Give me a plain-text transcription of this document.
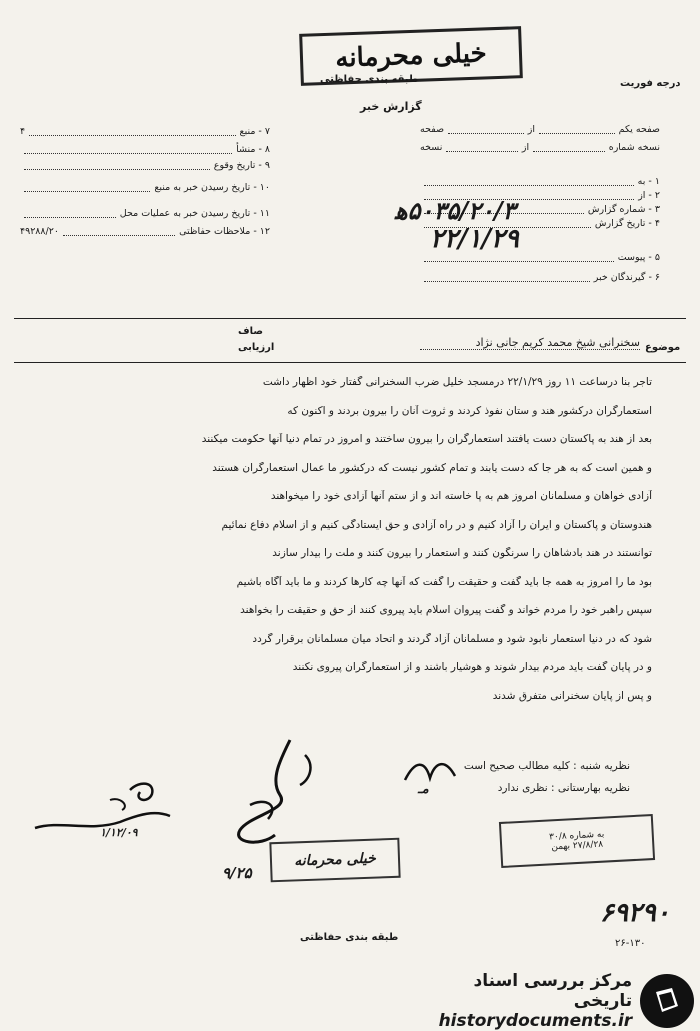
خیلی محرمانه
طبقه بندی حفاظتی	درجه فوریت
گزارش خبر
صفحه یکم
از
صفحه
نسخه شماره
از
نسخه
۱ - به
۲ - از
۳ - شماره گزارش
۴ - تاریخ گزارش
۵ - پیوست
۶ - گیرندگان خبر
۷ - منبع
۴
۸ - منشأ
۹ - تاریخ وقوع
۱۰ - تاریخ رسیدن خبر به منبع
۱۱ - تاریخ رسیدن خبر به عملیات محل
۱۲ - ملاحظات حفاظتی
۴۹۲۸۸/۲۰
۵۰۳۵/۲۰/۳ه‍
۲۲/۱/۲۹
صاف
ارزیابی	موضوع
سخنرانی شیخ محمد کریم جانی نژاد
تاجر بنا درساعت ۱۱ روز ۲۲/۱/۲۹ درمسجد خلیل ضرب السخنرانی گفتار خود اظهار داشت
استعمارگران درکشور هند و ستان نفوذ کردند و ثروت آنان را بیرون بردند و اکنون که
بعد از هند به پاکستان دست یافتند استعمارگران را بیرون ساختند و امروز در تمام دنیا آنها حکومت میکنند
و همین است که به هر جا که دست یابند و تمام کشور نیست که درکشور ما عمال استعمارگران هستند
آزادی خواهان و مسلمانان امروز هم به پا خاسته اند و از ستم آنها آزادی خود را میخواهند
هندوستان و پاکستان و ایران را آزاد کنیم و در راه آزادی و حق ایستادگی کنیم و از اسلام دفاع نمائیم
توانستند در هند بادشاهان را سرنگون کنند و استعمار را بیرون کنند و ملت را بیدار سازند
بود ما را امروز به همه جا باید گفت و حقیقت را گفت که آنها چه کارها کردند و ما باید آگاه باشیم
سپس راهبر خود را مردم خواند و گفت پیروان اسلام باید پیروی کنند از حق و حقیقت را بخواهند
شود که در دنیا استعمار نابود شود و مسلمانان آزاد گردند و اتحاد میان مسلمانان برقرار گردد
و در پایان گفت باید مردم بیدار شوند و هوشیار باشند و از استعمارگران پیروی نکنند
و پس از پایان سخنرانی متفرق شدند
نظریه شنبه : کلیه مطالب صحیح است
نظریه بهارستانی : نظری ندارد
۱/۱۲/۰۹
۹/۲۵
مـ
به شماره ۳۰/۸
۲۷/۸/۲۸ بهمن
خیلی محرمانه
۶۹۲۹۰
طبقه بندی حفاظتی
۲۶-۱۳۰
مرکز بررسی اسناد تاریخی
historydocuments.ir
